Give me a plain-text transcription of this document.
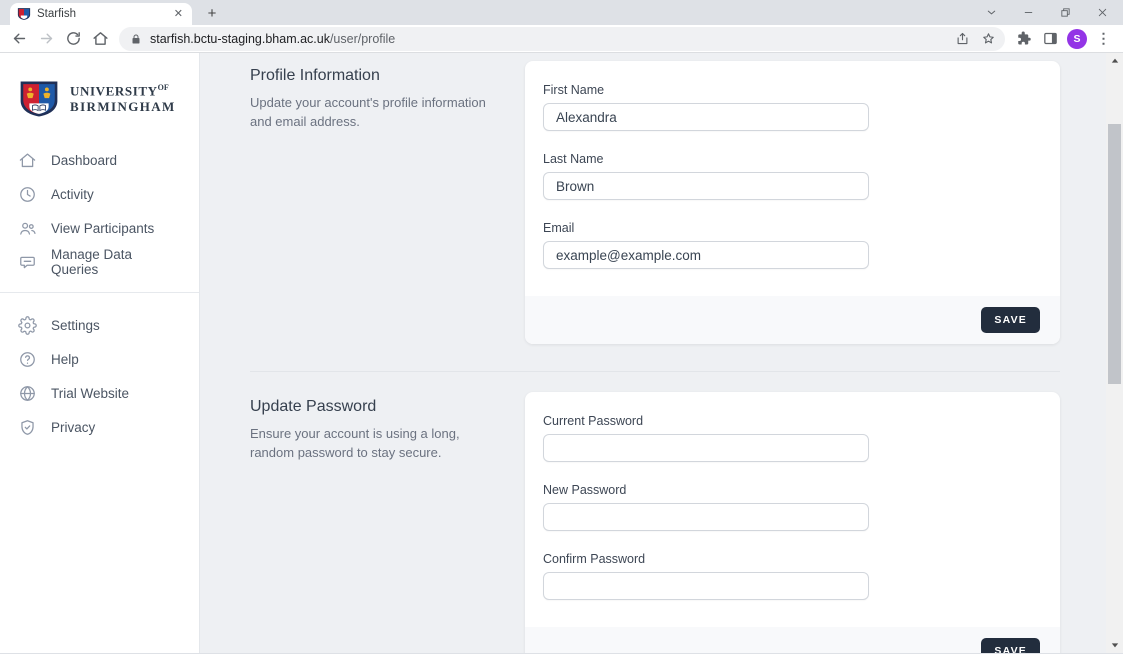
Starfish	✕	+
starfish.bctu-staging.bham.ac.uk/user/profile	S	⋮
$UNIVERSITY^{OF}$
BIRMINGHAM
Dashboard
Activity
View Participants
Manage Data Queries
Settings
Help
Trial Website
Privacy
Profile Information
Update your account's profile information and email address.
First Name
Alexandra
Last Name
Brown
Email
example@example.com
SAVE
Update Password
Ensure your account is using a long, random password to stay secure.
Current Password
New Password
Confirm Password
SAVE
